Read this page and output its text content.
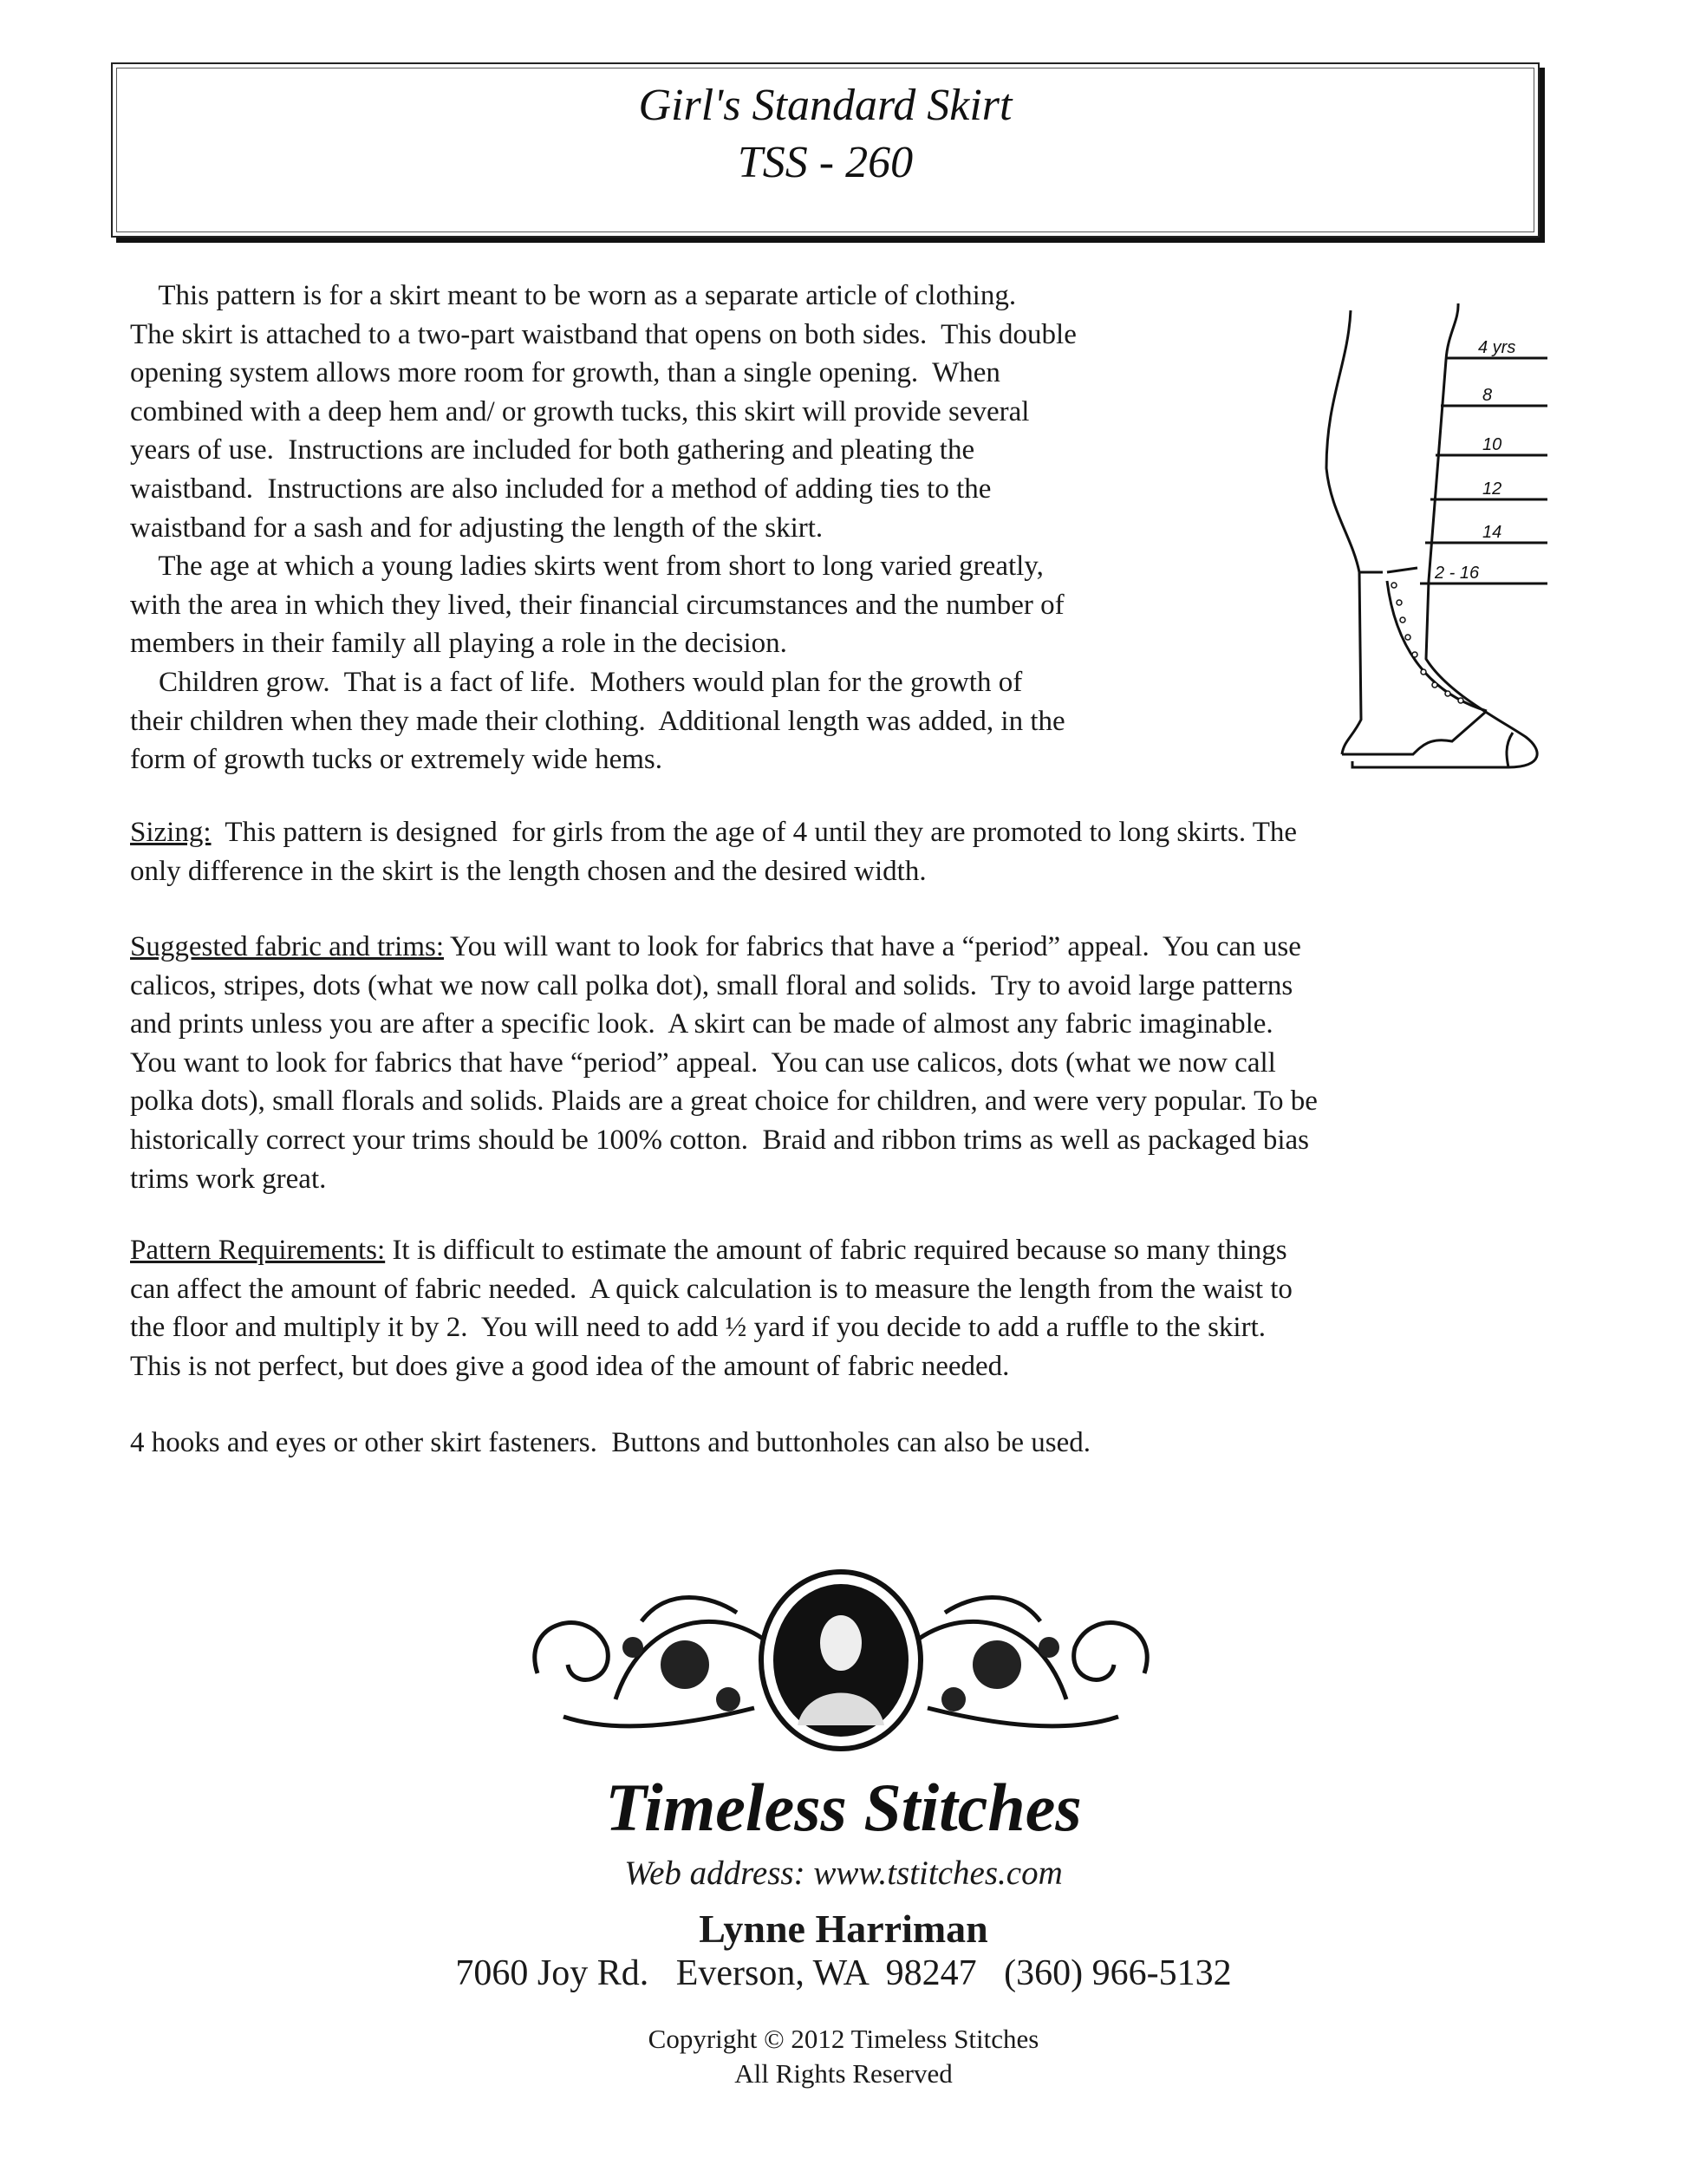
Girl's Standard Skirt
TSS - 260
This pattern is for a skirt meant to be worn as a separate article of clothing.
The skirt is attached to a two-part waistband that opens on both sides.  This double
opening system allows more room for growth, than a single opening.  When
combined with a deep hem and/ or growth tucks, this skirt will provide several
years of use.  Instructions are included for both gathering and pleating the
waistband.  Instructions are also included for a method of adding ties to the
waistband for a sash and for adjusting the length of the skirt.
The age at which a young ladies skirts went from short to long varied greatly,
with the area in which they lived, their financial circumstances and the number of
members in their family all playing a role in the decision.
Children grow.  That is a fact of life.  Mothers would plan for the growth of
their children when they made their clothing.  Additional length was added, in the
form of growth tucks or extremely wide hems.
4 yrs
8
10
12
14
2 - 16
Sizing:  This pattern is designed  for girls from the age of 4 until they are promoted to long skirts. The
only difference in the skirt is the length chosen and the desired width.
Suggested fabric and trims: You will want to look for fabrics that have a “period” appeal.  You can use
calicos, stripes, dots (what we now call polka dot), small floral and solids.  Try to avoid large patterns
and prints unless you are after a specific look.  A skirt can be made of almost any fabric imaginable.
You want to look for fabrics that have “period” appeal.  You can use calicos, dots (what we now call
polka dots), small florals and solids. Plaids are a great choice for children, and were very popular. To be
historically correct your trims should be 100% cotton.  Braid and ribbon trims as well as packaged bias
trims work great.
Pattern Requirements: It is difficult to estimate the amount of fabric required because so many things
can affect the amount of fabric needed.  A quick calculation is to measure the length from the waist to
the floor and multiply it by 2.  You will need to add ½ yard if you decide to add a ruffle to the skirt.
This is not perfect, but does give a good idea of the amount of fabric needed.
4 hooks and eyes or other skirt fasteners.  Buttons and buttonholes can also be used.
Timeless Stitches
Web address: www.tstitches.com
Lynne Harriman
7060 Joy Rd.   Everson, WA  98247   (360) 966-5132
Copyright © 2012 Timeless Stitches
All Rights Reserved
